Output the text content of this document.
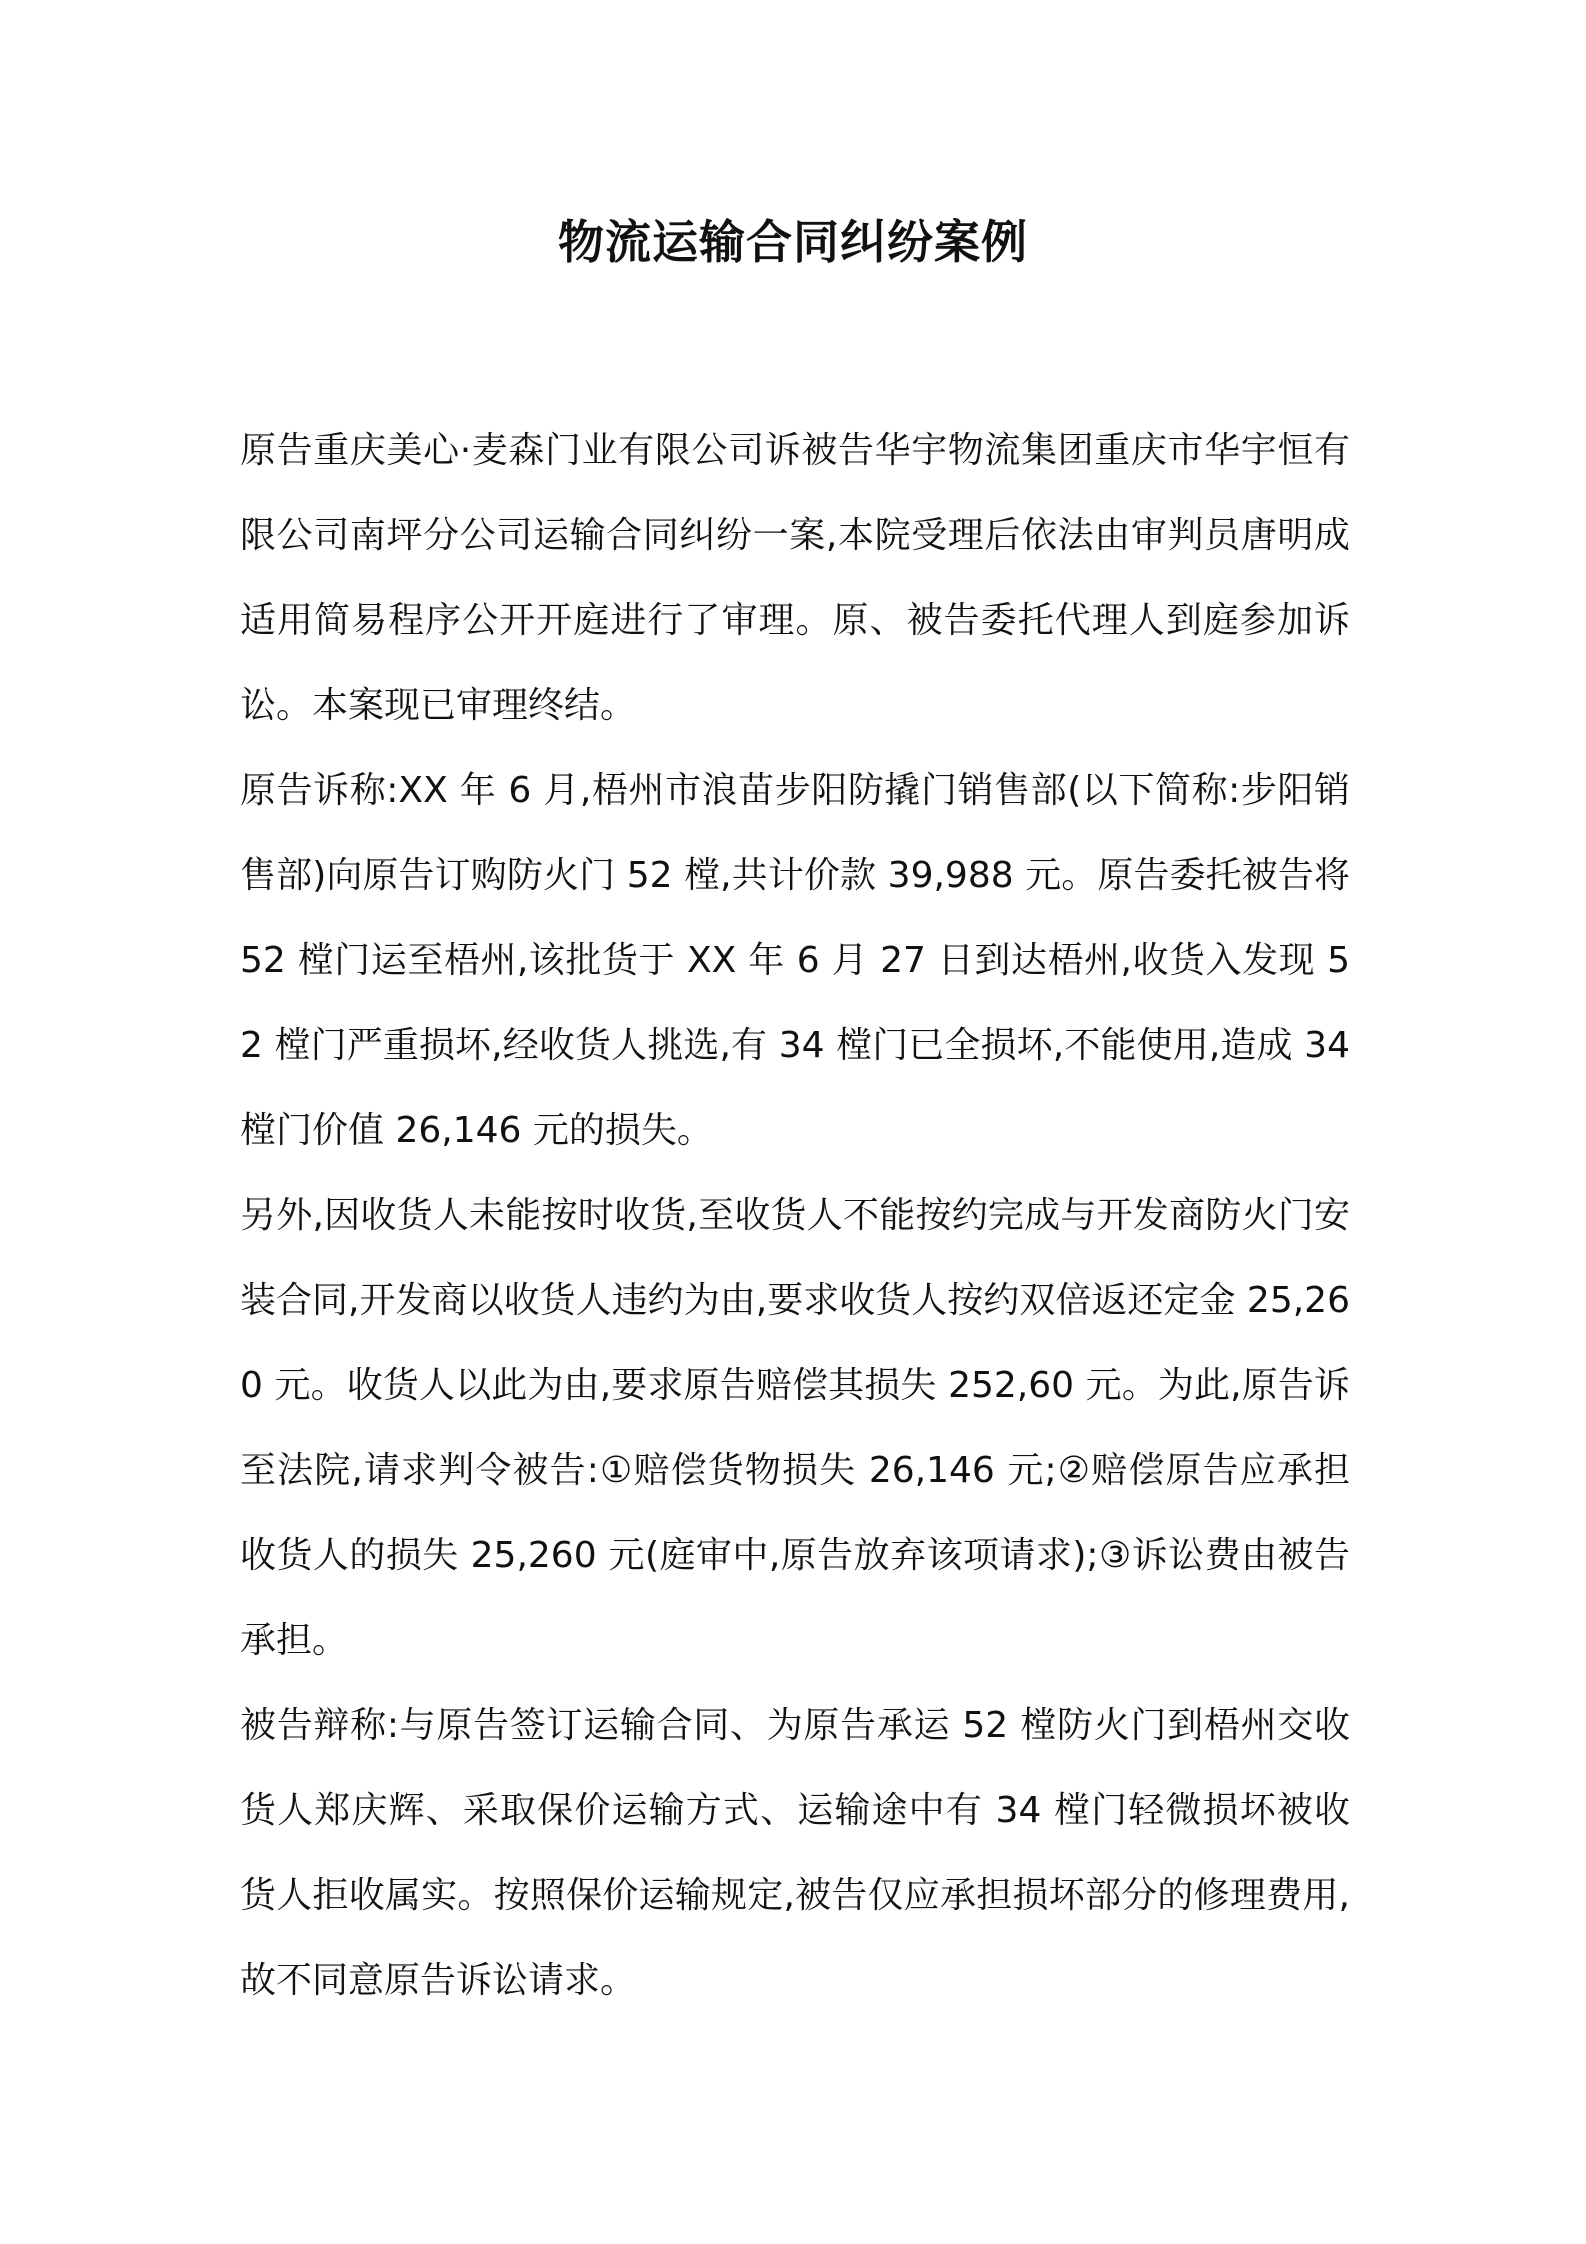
物流运输合同纠纷案例

原告重庆美心·麦森门业有限公司诉被告华宇物流集团重庆市华宇恒有限公司南坪分公司运输合同纠纷一案,本院受理后依法由审判员唐明成适用简易程序公开开庭进行了审理。原、被告委托代理人到庭参加诉讼。本案现已审理终结。

原告诉称:XX 年 6 月,梧州市浪苗步阳防撬门销售部(以下简称:步阳销售部)向原告订购防火门 52 樘,共计价款 39,988 元。原告委托被告将 52 樘门运至梧州,该批货于 XX 年 6 月 27 日到达梧州,收货入发现 52 樘门严重损坏,经收货人挑选,有 34 樘门已全损坏,不能使用,造成 34 樘门价值 26,146 元的损失。

另外,因收货人未能按时收货,至收货人不能按约完成与开发商防火门安装合同,开发商以收货人违约为由,要求收货人按约双倍返还定金 25,260 元。收货人以此为由,要求原告赔偿其损失 252,60 元。为此,原告诉至法院,请求判令被告:①赔偿货物损失 26,146 元;②赔偿原告应承担收货人的损失 25,260 元(庭审中,原告放弃该项请求);③诉讼费由被告承担。

被告辩称:与原告签订运输合同、为原告承运 52 樘防火门到梧州交收货人郑庆辉、采取保价运输方式、运输途中有 34 樘门轻微损坏被收货人拒收属实。按照保价运输规定,被告仅应承担损坏部分的修理费用,故不同意原告诉讼请求。
